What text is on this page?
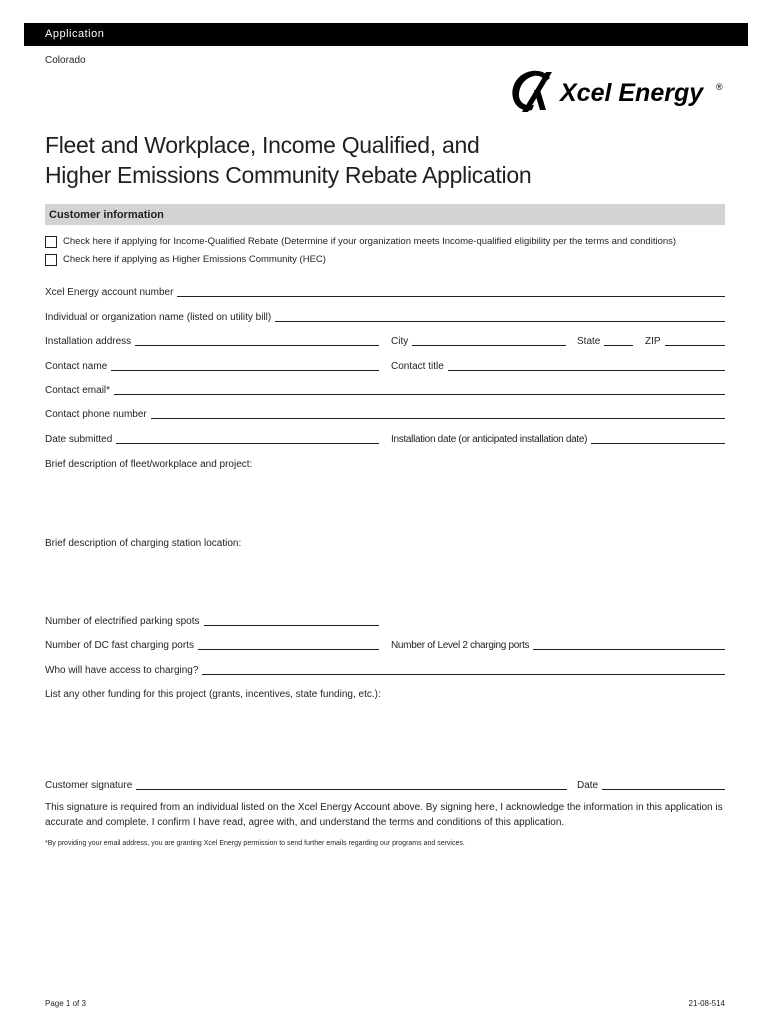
Application
Colorado
Xcel Energy ®
Fleet and Workplace, Income Qualified, and
Higher Emissions Community Rebate Application
Customer information
Check here if applying for Income-Qualified Rebate (Determine if your organization meets Income-qualified eligibility per the terms and conditions)
Check here if applying as Higher Emissions Community (HEC)
Xcel Energy account number
Individual or organization name (listed on utility bill)
Installation address	City	State	ZIP
Contact name	Contact title
Contact email*
Contact phone number
Date submitted	Installation date (or anticipated installation date)
Brief description of fleet/workplace and project:
Brief description of charging station location:
Number of electrified parking spots
Number of DC fast charging ports	Number of Level 2 charging ports
Who will have access to charging?
List any other funding for this project (grants, incentives, state funding, etc.):
Customer signature	Date
This signature is required from an individual listed on the Xcel Energy Account above. By signing here, I acknowledge the information in this application is accurate and complete. I confirm I have read, agree with, and understand the terms and conditions of this application.
*By providing your email address, you are granting Xcel Energy permission to send further emails regarding our programs and services.
Page 1 of 3	21-08-514
